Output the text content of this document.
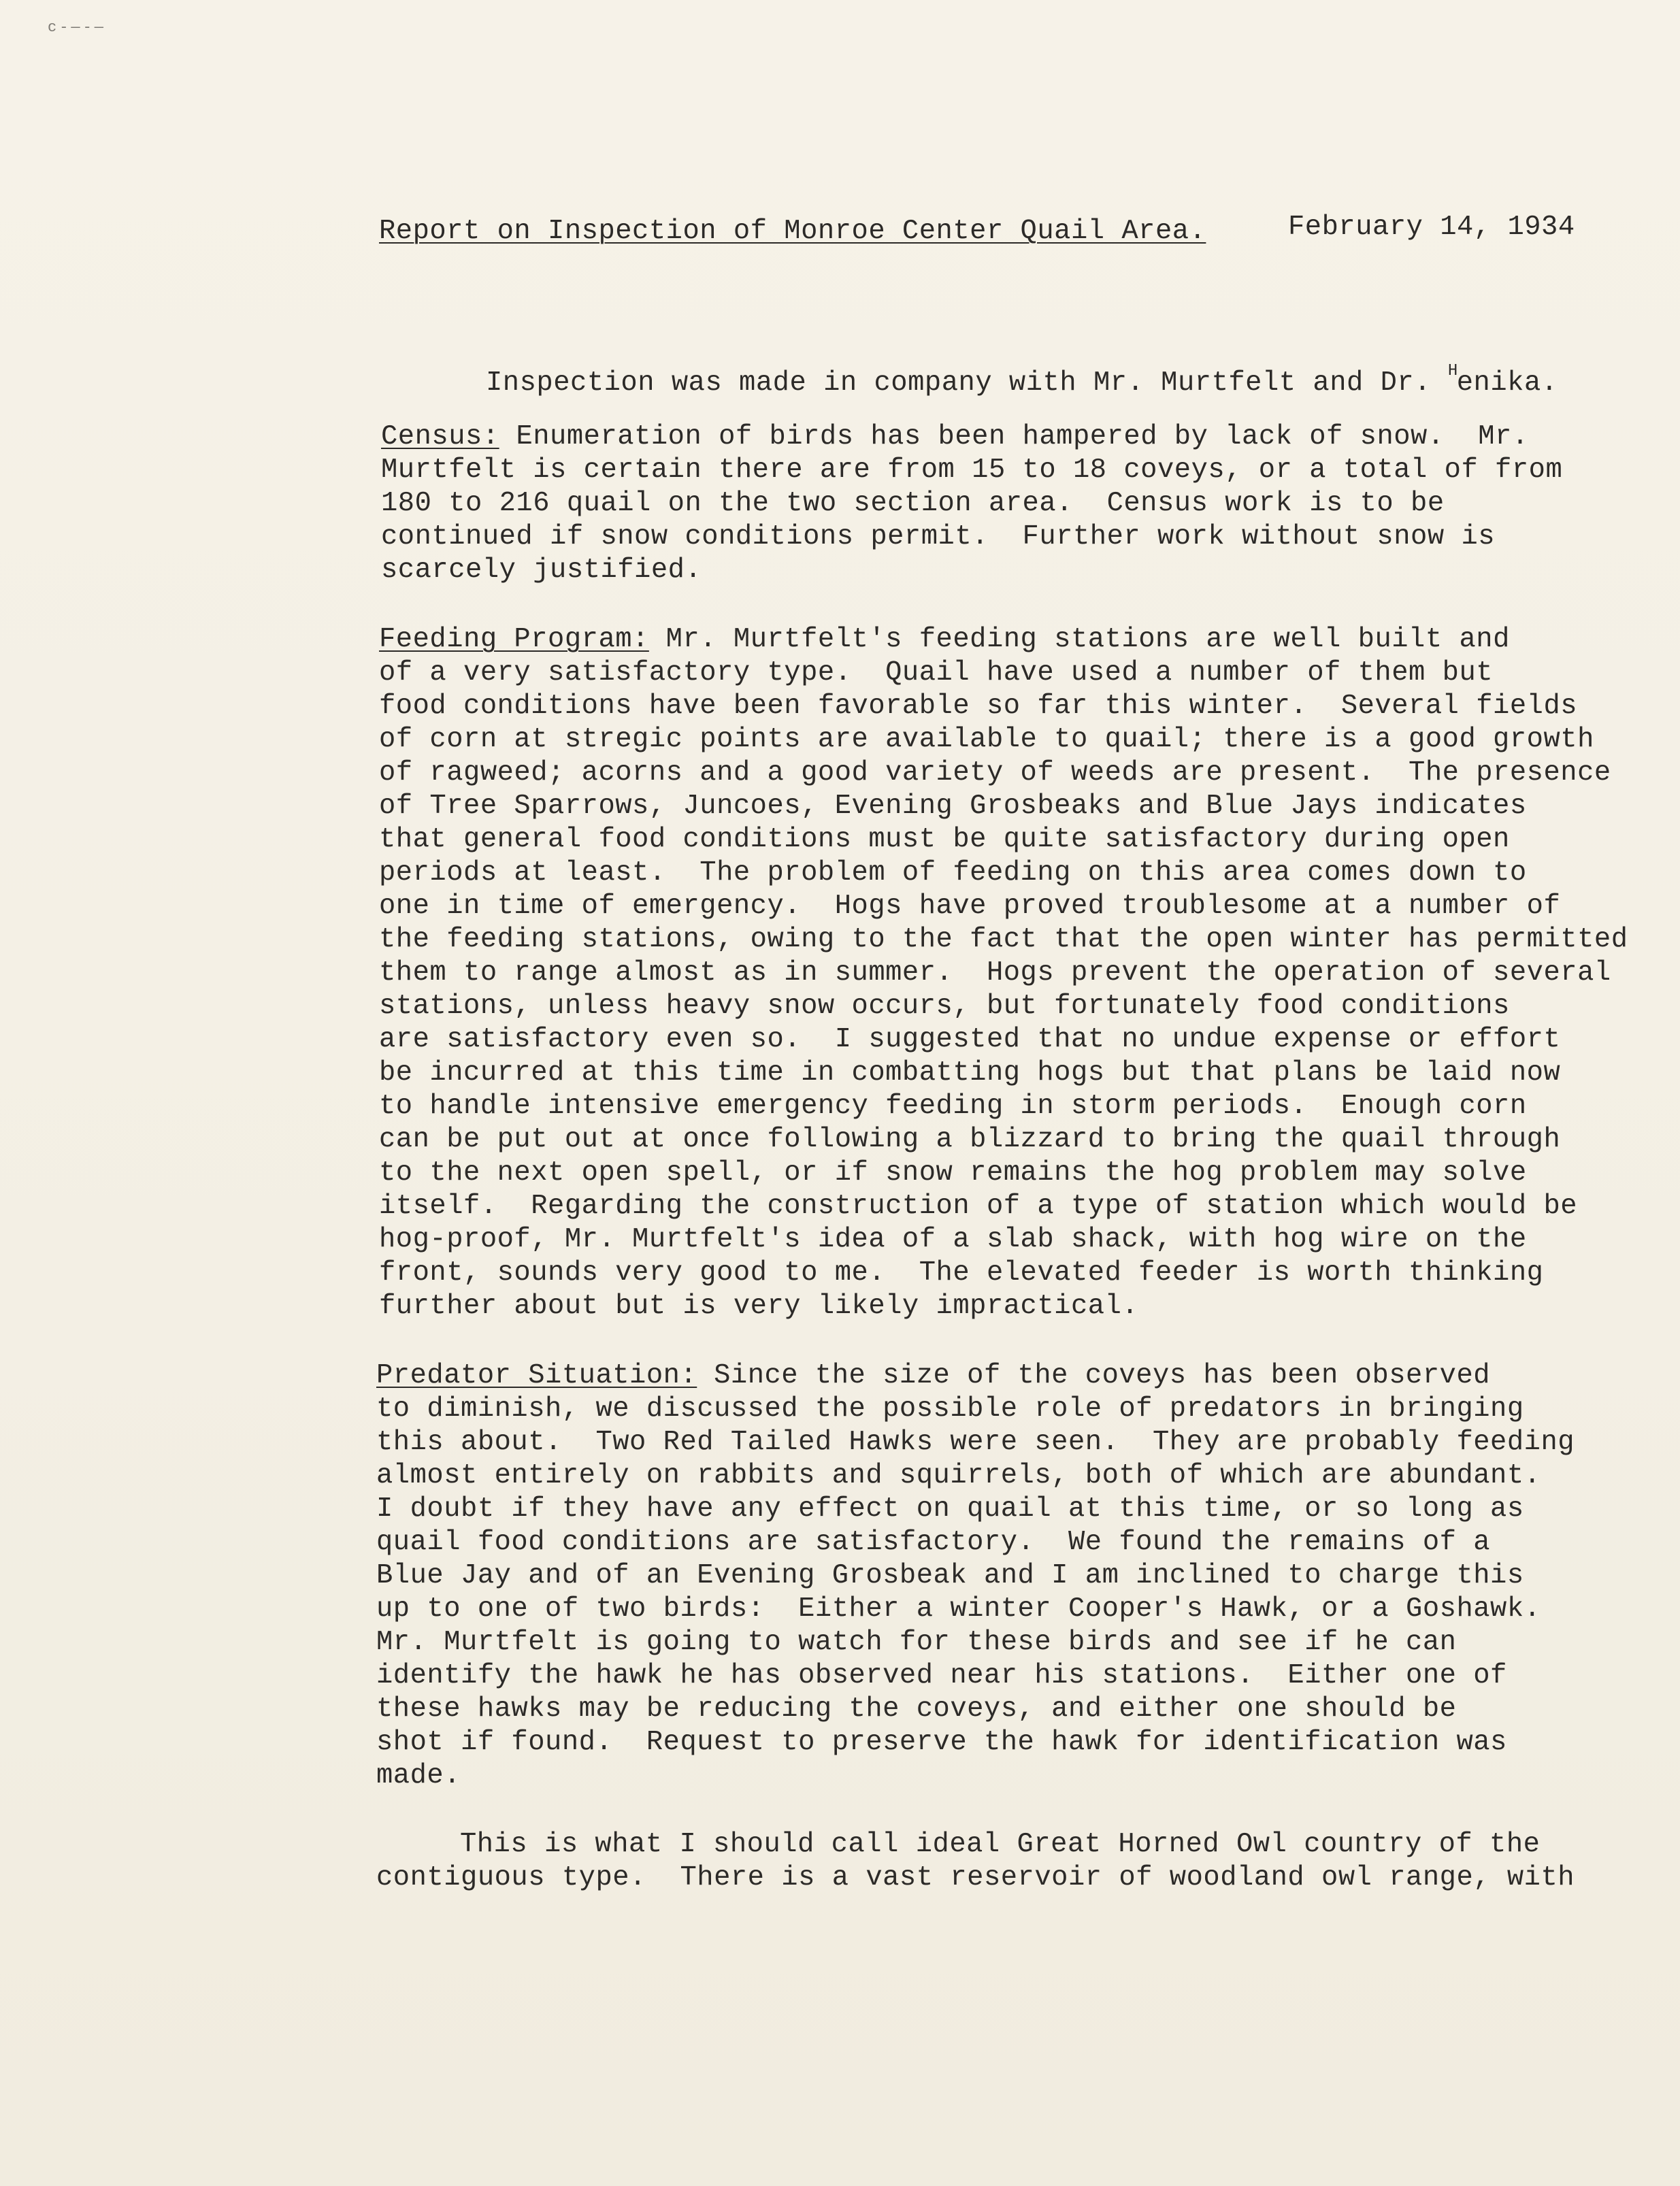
c-—-—
Report on Inspection of Monroe Center Quail Area.	February 14, 1934
Inspection was made in company with Mr. Murtfelt and Dr. $^H$enika.
Census: Enumeration of birds has been hampered by lack of snow.  Mr.
Murtfelt is certain there are from 15 to 18 coveys, or a total of from
180 to 216 quail on the two section area.  Census work is to be
continued if snow conditions permit.  Further work without snow is
scarcely justified.
Feeding Program: Mr. Murtfelt's feeding stations are well built and
of a very satisfactory type.  Quail have used a number of them but
food conditions have been favorable so far this winter.  Several fields
of corn at stregic points are available to quail; there is a good growth
of ragweed; acorns and a good variety of weeds are present.  The presence
of Tree Sparrows, Juncoes, Evening Grosbeaks and Blue Jays indicates
that general food conditions must be quite satisfactory during open
periods at least.  The problem of feeding on this area comes down to
one in time of emergency.  Hogs have proved troublesome at a number of
the feeding stations, owing to the fact that the open winter has permitted
them to range almost as in summer.  Hogs prevent the operation of several
stations, unless heavy snow occurs, but fortunately food conditions
are satisfactory even so.  I suggested that no undue expense or effort
be incurred at this time in combatting hogs but that plans be laid now
to handle intensive emergency feeding in storm periods.  Enough corn
can be put out at once following a blizzard to bring the quail through
to the next open spell, or if snow remains the hog problem may solve
itself.  Regarding the construction of a type of station which would be
hog-proof, Mr. Murtfelt's idea of a slab shack, with hog wire on the
front, sounds very good to me.  The elevated feeder is worth thinking
further about but is very likely impractical.
Predator Situation: Since the size of the coveys has been observed
to diminish, we discussed the possible role of predators in bringing
this about.  Two Red Tailed Hawks were seen.  They are probably feeding
almost entirely on rabbits and squirrels, both of which are abundant.
I doubt if they have any effect on quail at this time, or so long as
quail food conditions are satisfactory.  We found the remains of a
Blue Jay and of an Evening Grosbeak and I am inclined to charge this
up to one of two birds:  Either a winter Cooper's Hawk, or a Goshawk.
Mr. Murtfelt is going to watch for these birds and see if he can
identify the hawk he has observed near his stations.  Either one of
these hawks may be reducing the coveys, and either one should be
shot if found.  Request to preserve the hawk for identification was
made.
This is what I should call ideal Great Horned Owl country of the
contiguous type.  There is a vast reservoir of woodland owl range, with
